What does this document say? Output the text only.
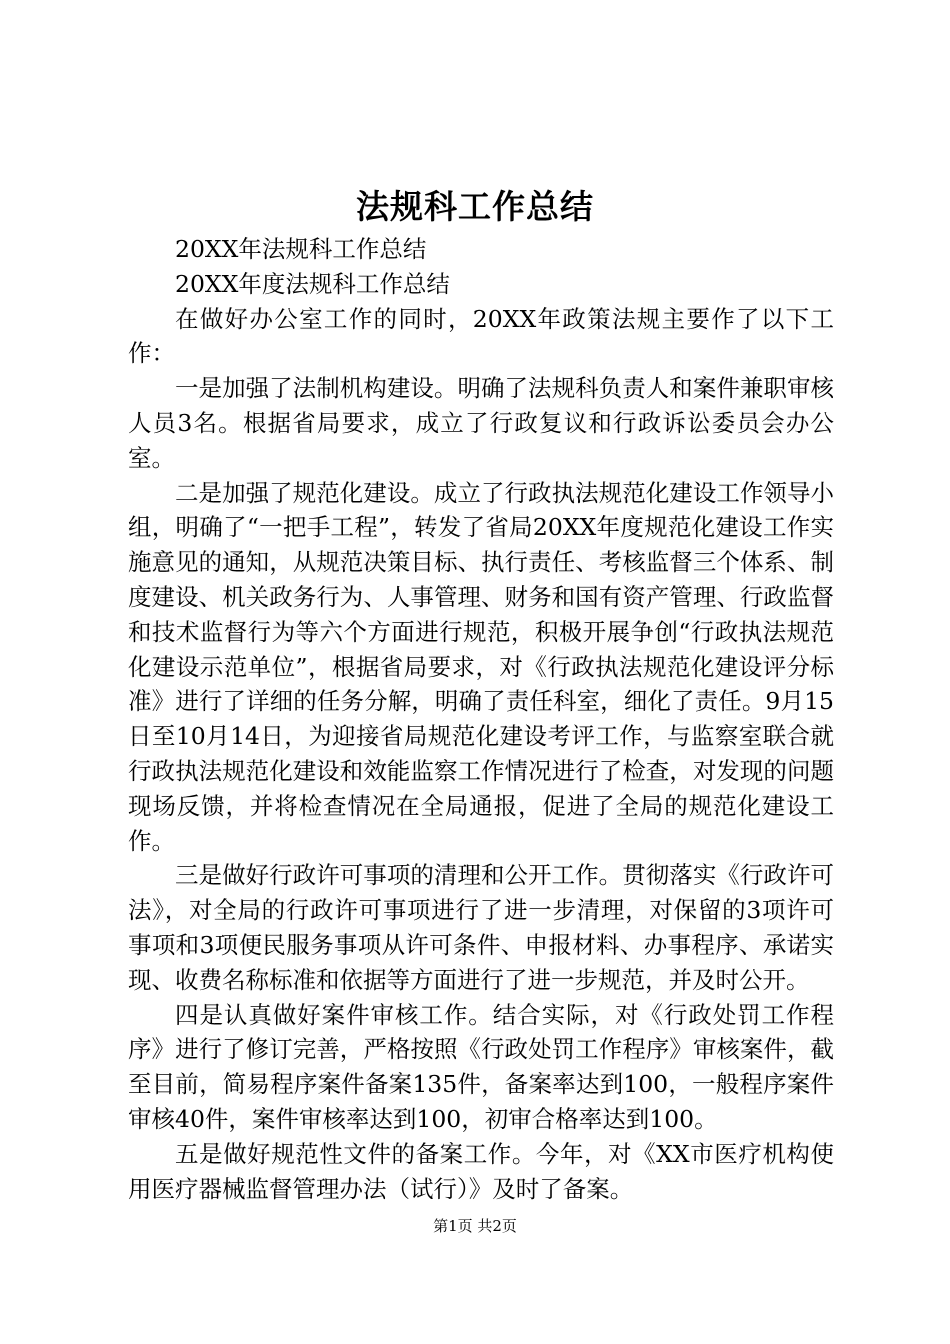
法规科工作总结

20XX年法规科工作总结

20XX年度法规科工作总结

在做好办公室工作的同时，20XX年政策法规主要作了以下工作：

一是加强了法制机构建设。明确了法规科负责人和案件兼职审核人员3名。根据省局要求，成立了行政复议和行政诉讼委员会办公室。

二是加强了规范化建设。成立了行政执法规范化建设工作领导小组，明确了“一把手工程”，转发了省局20XX年度规范化建设工作实施意见的通知，从规范决策目标、执行责任、考核监督三个体系、制度建设、机关政务行为、人事管理、财务和国有资产管理、行政监督和技术监督行为等六个方面进行规范，积极开展争创“行政执法规范化建设示范单位”，根据省局要求，对《行政执法规范化建设评分标准》进行了详细的任务分解，明确了责任科室，细化了责任。9月15日至10月14日，为迎接省局规范化建设考评工作，与监察室联合就行政执法规范化建设和效能监察工作情况进行了检查，对发现的问题现场反馈，并将检查情况在全局通报，促进了全局的规范化建设工作。

三是做好行政许可事项的清理和公开工作。贯彻落实《行政许可法》，对全局的行政许可事项进行了进一步清理，对保留的3项许可事项和3项便民服务事项从许可条件、申报材料、办事程序、承诺实现、收费名称标准和依据等方面进行了进一步规范，并及时公开。

四是认真做好案件审核工作。结合实际，对《行政处罚工作程序》进行了修订完善，严格按照《行政处罚工作程序》审核案件，截至目前，简易程序案件备案135件，备案率达到100，一般程序案件审核40件，案件审核率达到100，初审合格率达到100。

五是做好规范性文件的备案工作。今年，对《XX市医疗机构使用医疗器械监督管理办法（试行）》及时了备案。

第1页 共2页
